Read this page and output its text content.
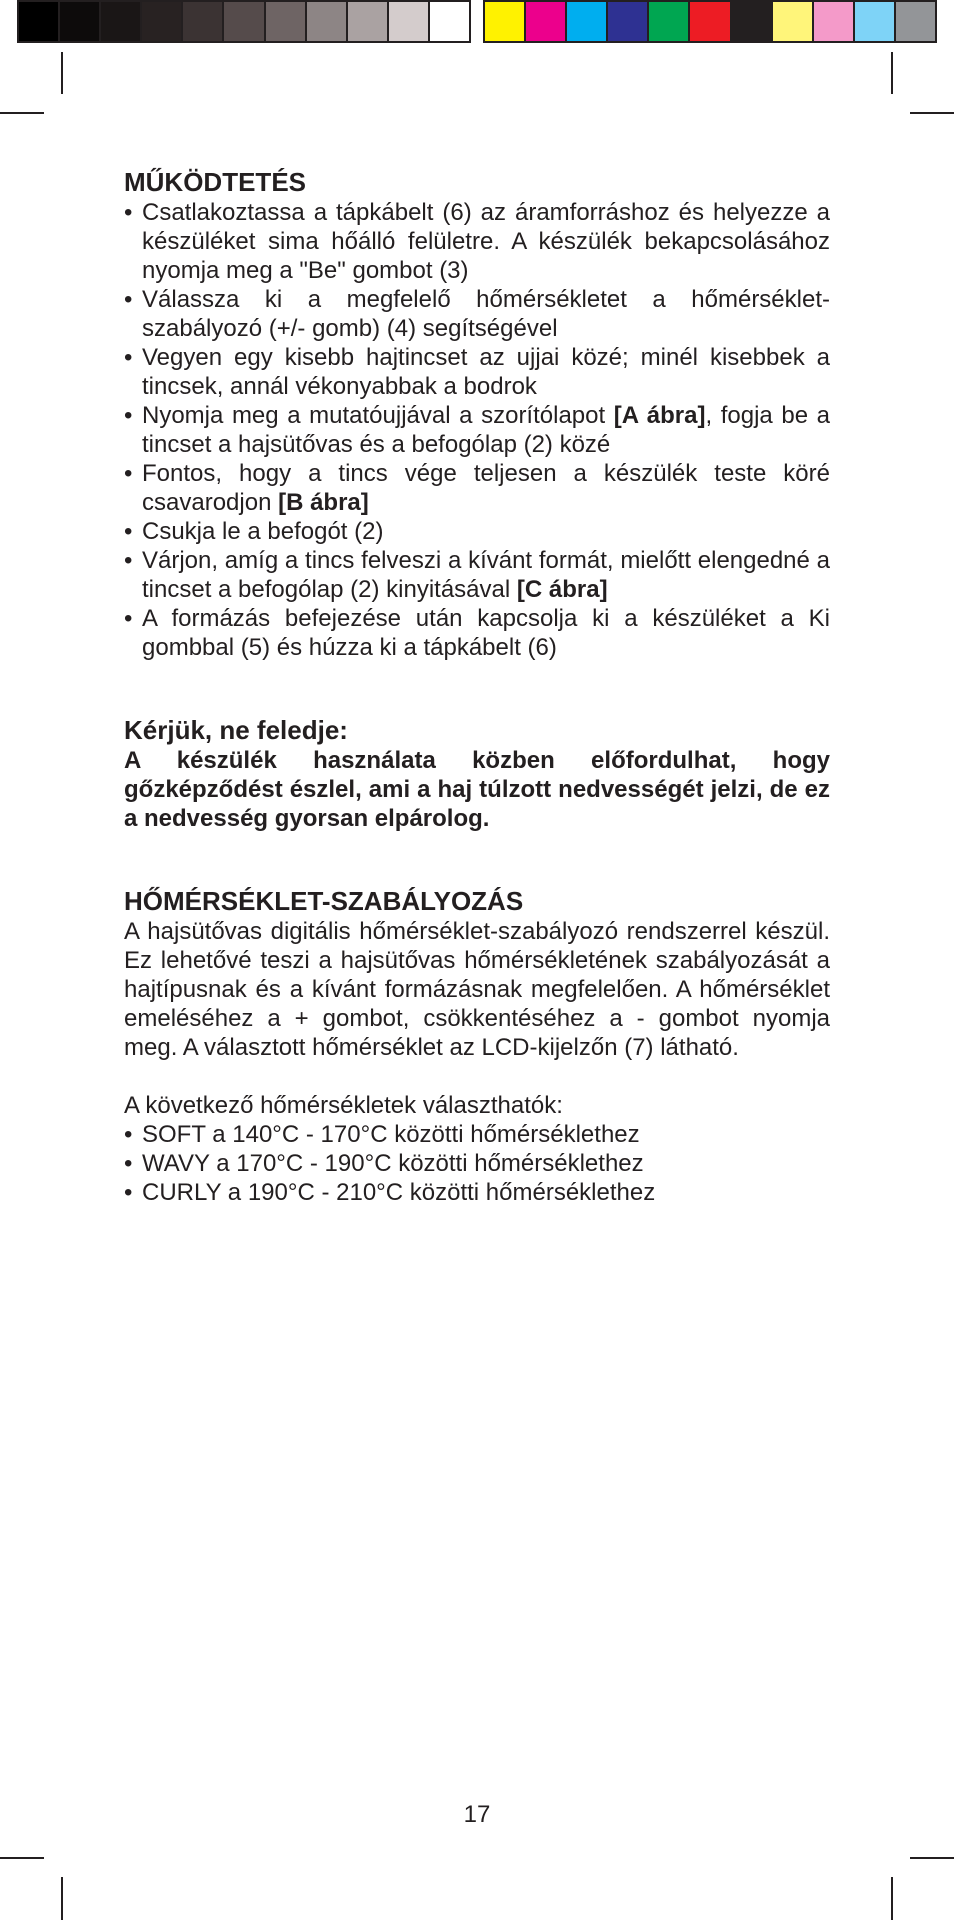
MŰKÖDTETÉS
• Csatlakoztassa a tápkábelt (6) az áramforráshoz és helyezze a készüléket sima hőálló felületre. A készülék bekapcsolásához nyomja meg a "Be" gombot (3)
• Válassza ki a megfelelő hőmérsékletet a hőmérséklet-szabályozó (+/- gomb) (4) segítségével
• Vegyen egy kisebb hajtincset az ujjai közé; minél kisebbek a tincsek, annál vékonyabbak a bodrok
• Nyomja meg a mutatóujjával a szorítólapot [A ábra], fogja be a tincset a hajsütővas és a befogólap (2) közé
• Fontos, hogy a tincs vége teljesen a készülék teste köré csavarodjon [B ábra]
• Csukja le a befogót (2)
• Várjon, amíg a tincs felveszi a kívánt formát, mielőtt elengedné a tincset a befogólap (2) kinyitásával [C ábra]
• A formázás befejezése után kapcsolja ki a készüléket a Ki gombbal (5) és húzza ki a tápkábelt (6)
Kérjük, ne feledje:
A készülék használata közben előfordulhat, hogy gőzképződést észlel, ami a haj túlzott nedvességét jelzi, de ez a nedvesség gyorsan elpárolog.
HŐMÉRSÉKLET-SZABÁLYOZÁS
A hajsütővas digitális hőmérséklet-szabályozó rendszerrel készül. Ez lehetővé teszi a hajsütővas hőmérsékletének szabályozását a hajtípusnak és a kívánt formázásnak megfelelően. A hőmérséklet emeléséhez a + gombot, csökkentéséhez a - gombot nyomja meg. A választott hőmérséklet az LCD-kijelzőn (7) látható.
A következő hőmérsékletek választhatók:
• SOFT a 140°C - 170°C közötti hőmérséklethez
• WAVY a 170°C - 190°C közötti hőmérséklethez
• CURLY a 190°C - 210°C közötti hőmérséklethez
17
